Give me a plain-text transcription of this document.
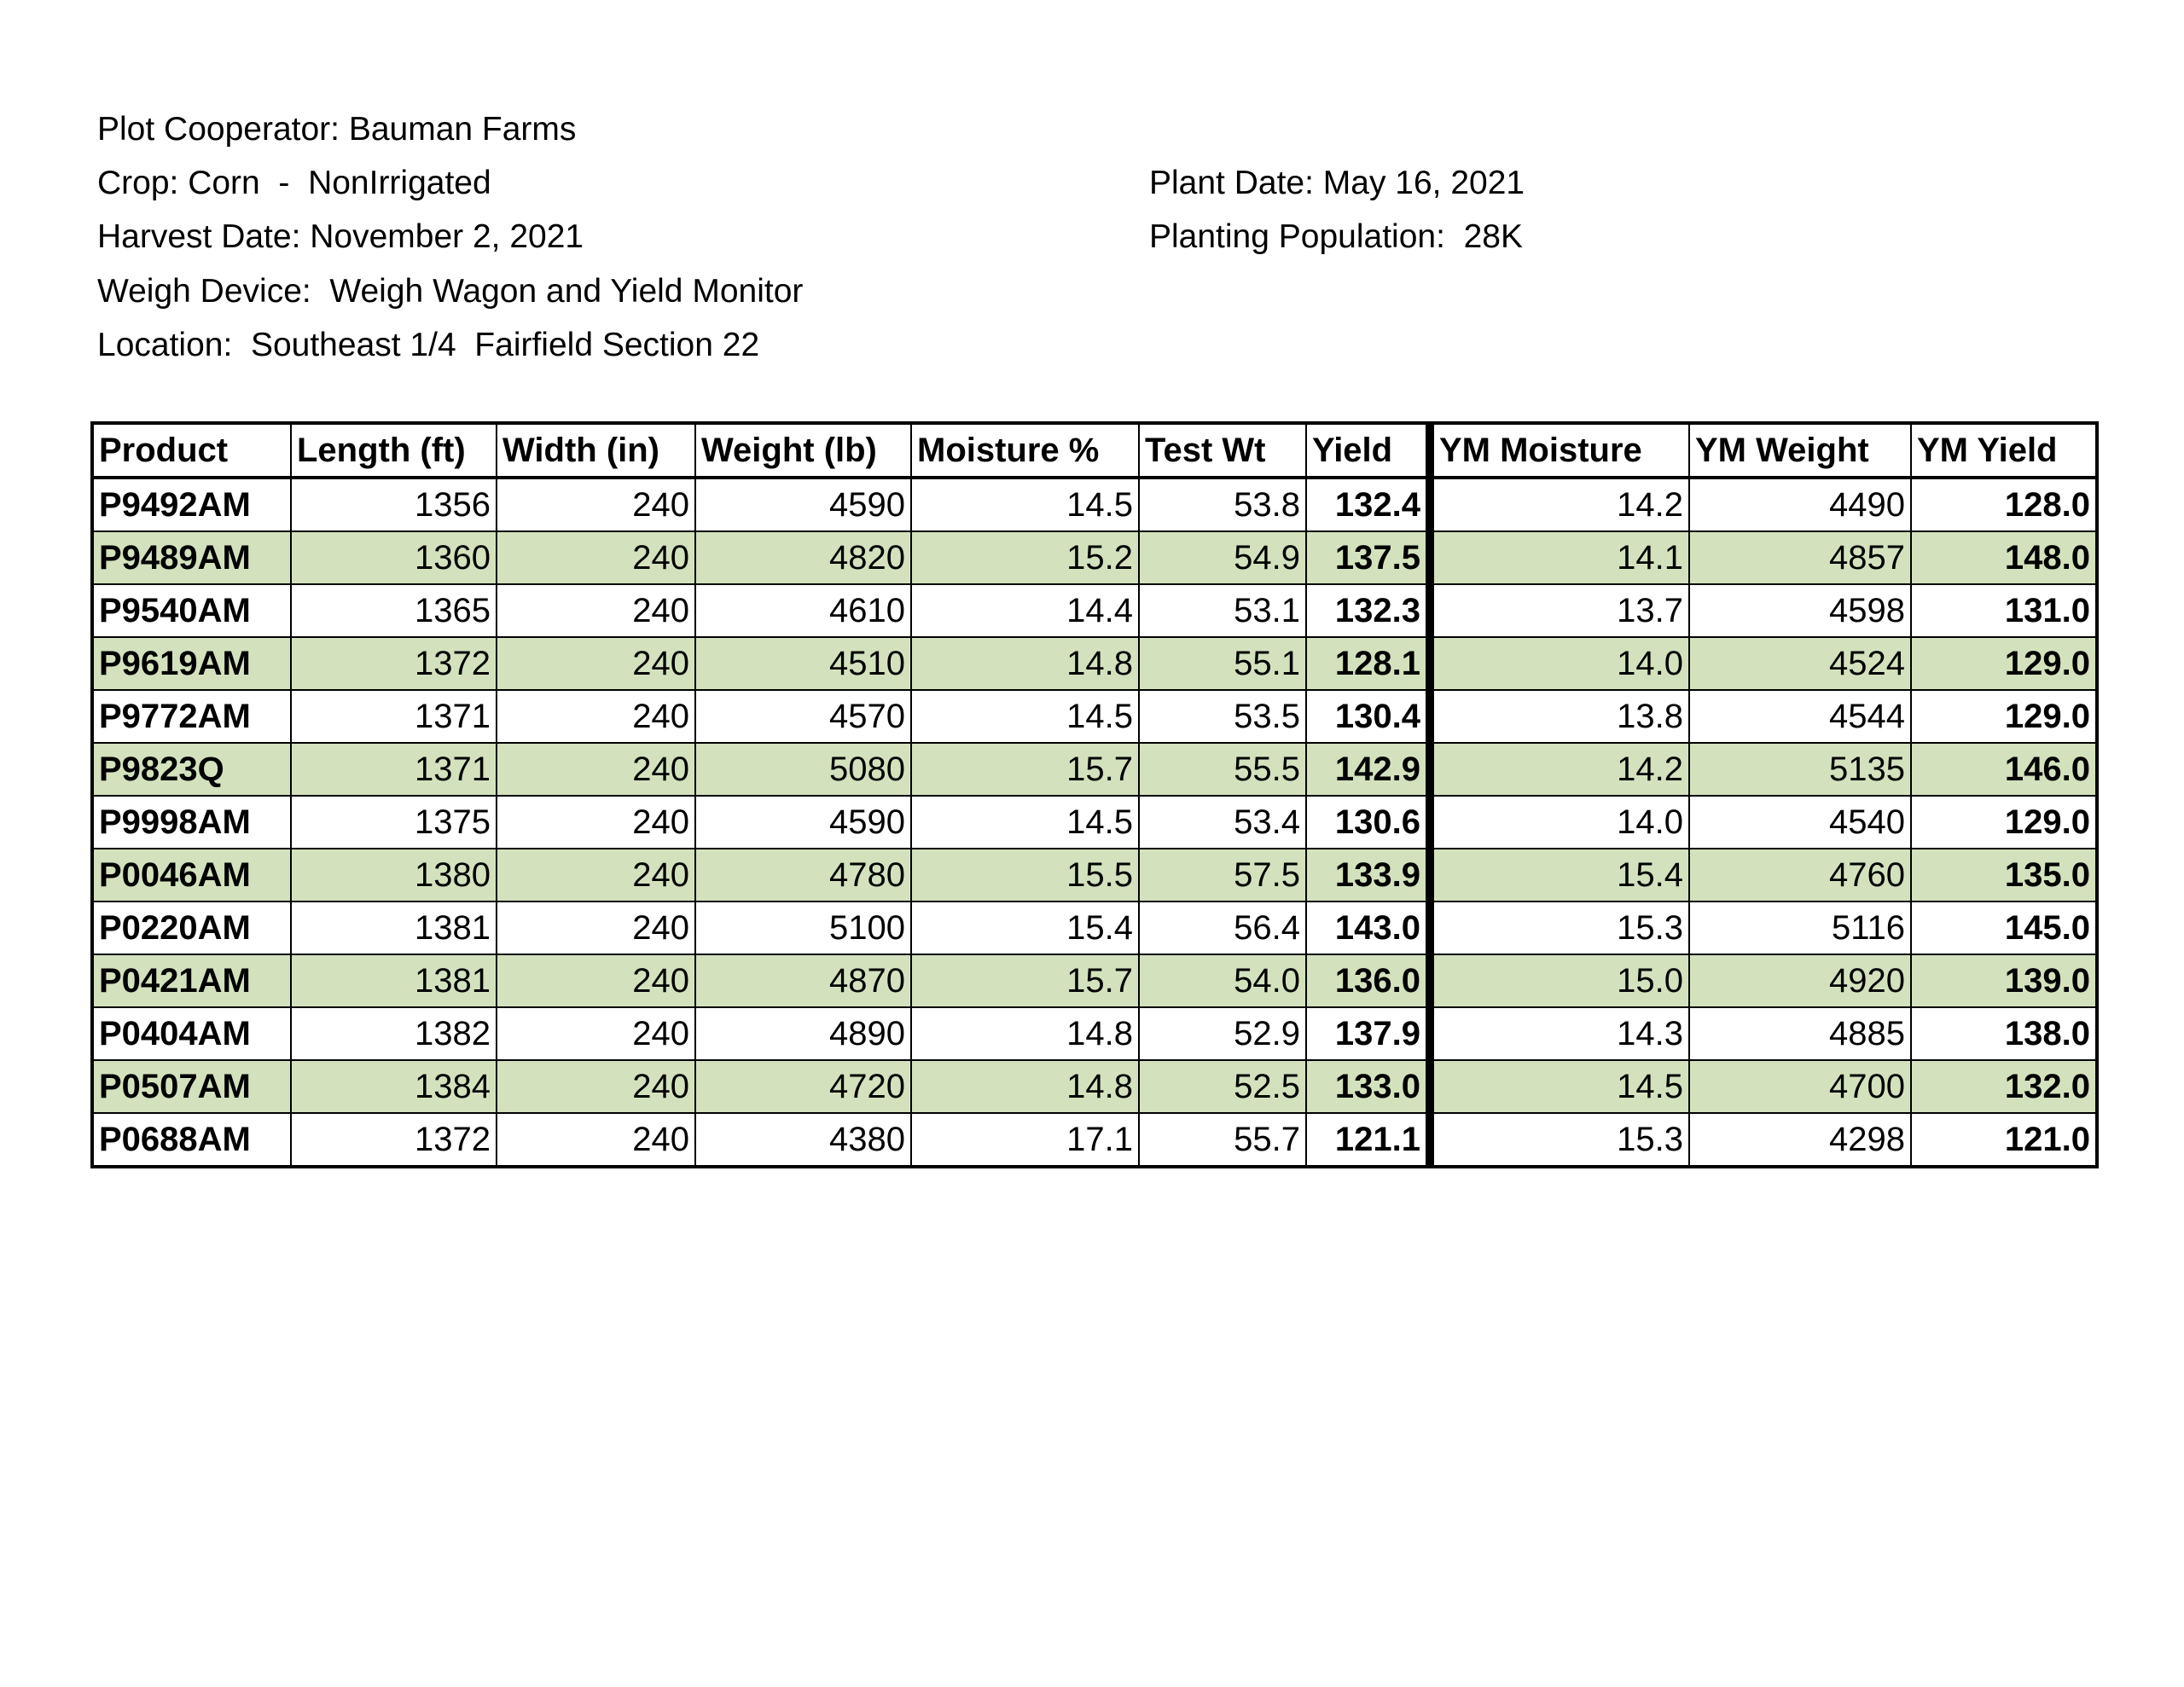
Plot Cooperator: Bauman Farms
Crop: Corn  -  NonIrrigated
Harvest Date: November 2, 2021
Weigh Device:  Weigh Wagon and Yield Monitor
Location:  Southeast 1/4  Fairfield Section 22
Plant Date: May 16, 2021
Planting Population:  28K
Product	Length (ft)	Width (in)	Weight (lb)	Moisture %	Test Wt	Yield	YM Moisture	YM Weight	YM Yield
P9492AM	1356	240	4590	14.5	53.8	132.4	14.2	4490	128.0
P9489AM	1360	240	4820	15.2	54.9	137.5	14.1	4857	148.0
P9540AM	1365	240	4610	14.4	53.1	132.3	13.7	4598	131.0
P9619AM	1372	240	4510	14.8	55.1	128.1	14.0	4524	129.0
P9772AM	1371	240	4570	14.5	53.5	130.4	13.8	4544	129.0
P9823Q	1371	240	5080	15.7	55.5	142.9	14.2	5135	146.0
P9998AM	1375	240	4590	14.5	53.4	130.6	14.0	4540	129.0
P0046AM	1380	240	4780	15.5	57.5	133.9	15.4	4760	135.0
P0220AM	1381	240	5100	15.4	56.4	143.0	15.3	5116	145.0
P0421AM	1381	240	4870	15.7	54.0	136.0	15.0	4920	139.0
P0404AM	1382	240	4890	14.8	52.9	137.9	14.3	4885	138.0
P0507AM	1384	240	4720	14.8	52.5	133.0	14.5	4700	132.0
P0688AM	1372	240	4380	17.1	55.7	121.1	15.3	4298	121.0
